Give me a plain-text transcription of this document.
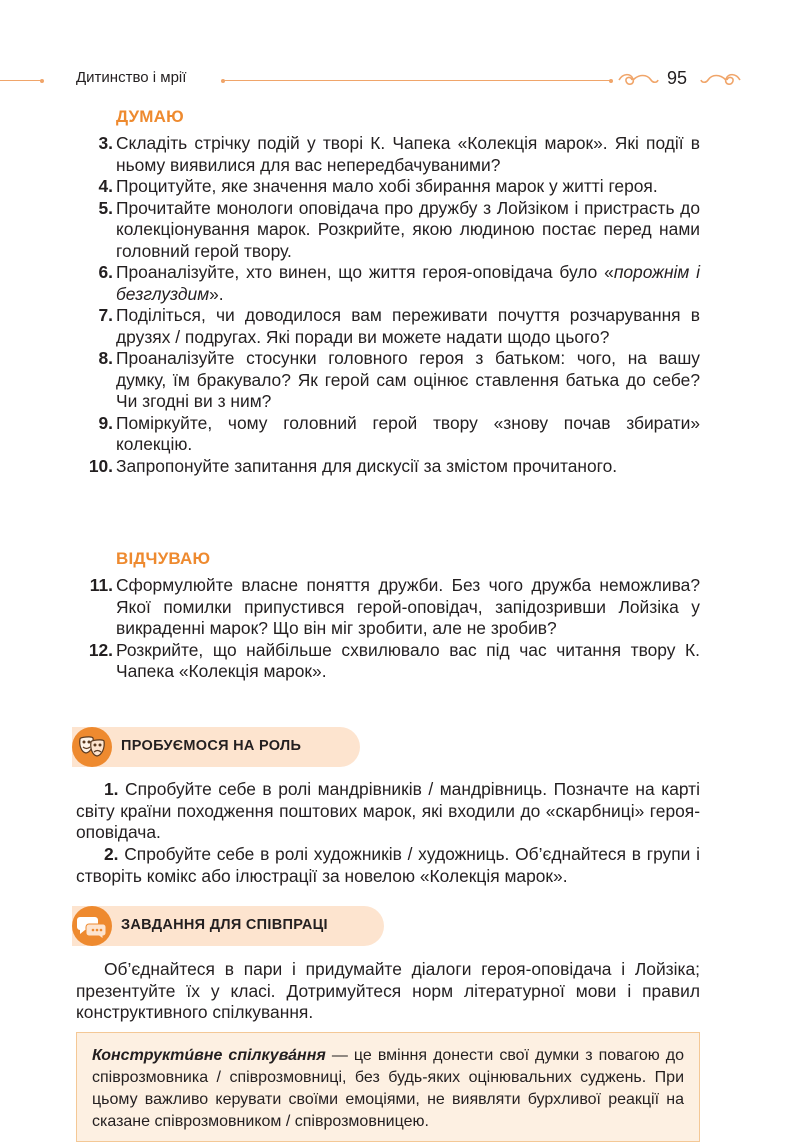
Дитинство і мрії	95
ДУМАЮ
3. Складіть стрічку подій у творі К. Чапека «Колекція марок». Які події в ньому виявилися для вас непередбачуваними?
4. Процитуйте, яке значення мало хобі збирання марок у житті героя.
5. Прочитайте монологи оповідача про дружбу з Лойзіком і пристрасть до колекціонування марок. Розкрийте, якою людиною постає перед нами головний герой твору.
6. Проаналізуйте, хто винен, що життя героя-оповідача було «порожнім і безглуздим».
7. Поділіться, чи доводилося вам переживати почуття розчарування в друзях / подругах. Які поради ви можете надати щодо цього?
8. Проаналізуйте стосунки головного героя з батьком: чого, на вашу думку, їм бракувало? Як герой сам оцінює ставлення батька до себе? Чи згодні ви з ним?
9. Поміркуйте, чому головний герой твору «знову почав збирати» колекцію.
10. Запропонуйте запитання для дискусії за змістом прочитаного.
ВІДЧУВАЮ
11. Сформулюйте власне поняття дружби. Без чого дружба неможлива? Якої помилки припустився герой-оповідач, запідозривши Лойзіка у викраденні марок? Що він міг зробити, але не зробив?
12. Розкрийте, що найбільше схвилювало вас під час читання твору К. Чапека «Колекція марок».
ПРОБУЄМОСЯ НА РОЛЬ

1. Спробуйте себе в ролі мандрівників / мандрівниць. Позначте на карті світу країни походження поштових марок, які входили до «скарбниці» героя-оповідача.

2. Спробуйте себе в ролі художників / художниць. Об’єднайтеся в групи і створіть комікс або ілюстрації за новелою «Колекція марок».

ЗАВДАННЯ ДЛЯ СПІВПРАЦІ

Об’єднайтеся в пари і придумайте діалоги героя-оповідача і Лойзіка; презентуйте їх у класі. Дотримуйтеся норм літературної мови і правил конструктивного спілкування.

Конструкти́вне спілкува́ння — це вміння донести свої думки з повагою до співрозмовника / співрозмовниці, без будь-яких оцінювальних суджень. При цьому важливо керувати своїми емоціями, не виявляти бурхливої реакції на сказане співрозмовником / співрозмовницею.
